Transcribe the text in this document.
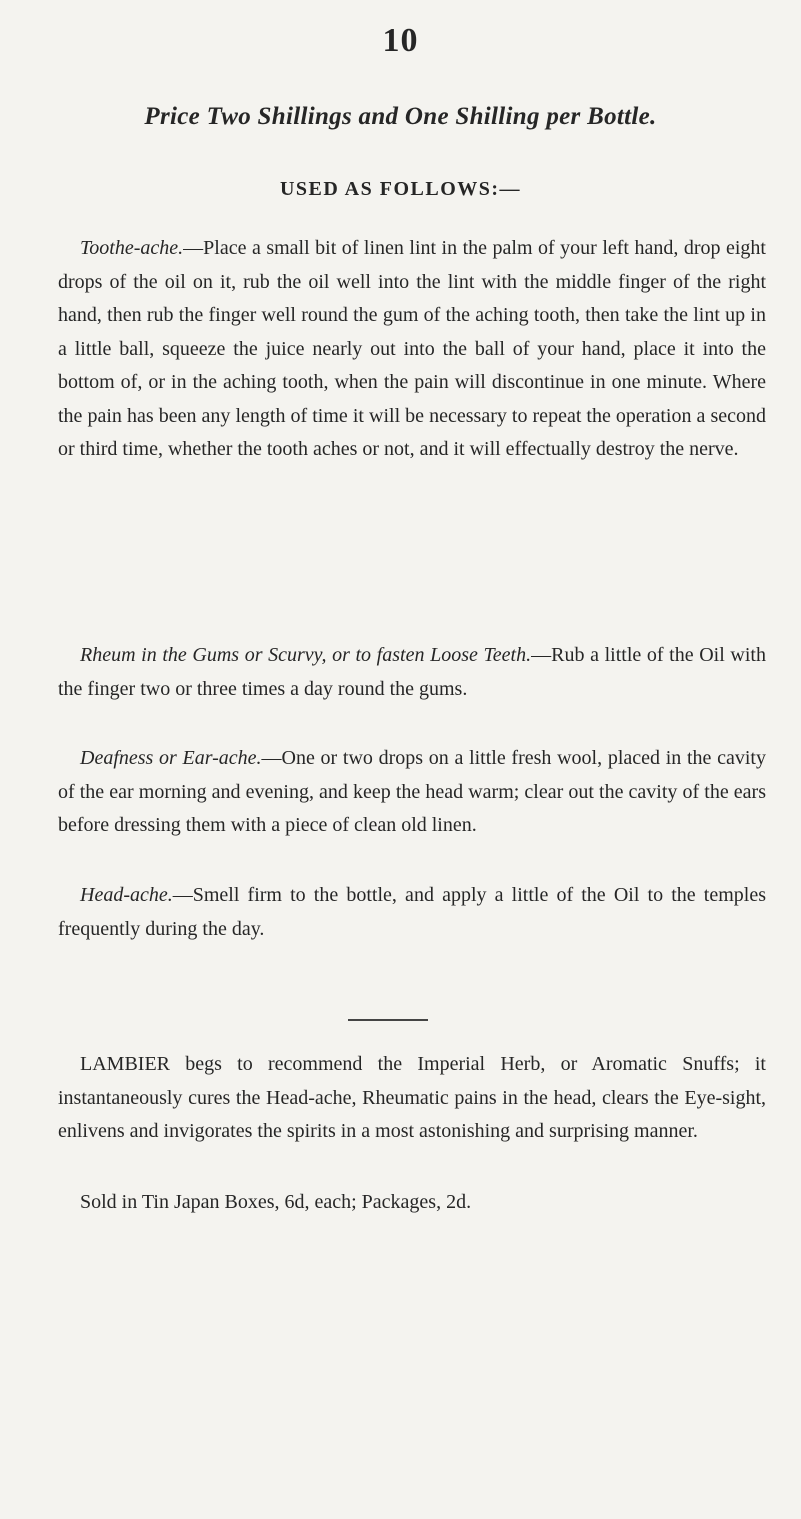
10
Price Two Shillings and One Shilling per Bottle.
USED AS FOLLOWS:—

Toothe-ache.—Place a small bit of linen lint in the palm of your left hand, drop eight drops of the oil on it, rub the oil well into the lint with the middle finger of the right hand, then rub the finger well round the gum of the aching tooth, then take the lint up in a little ball, squeeze the juice nearly out into the ball of your hand, place it into the bottom of, or in the aching tooth, when the pain will discontinue in one minute. Where the pain has been any length of time it will be necessary to repeat the operation a second or third time, whether the tooth aches or not, and it will effectually destroy the nerve.

Rheum in the Gums or Scurvy, or to fasten Loose Teeth.—Rub a little of the Oil with the finger two or three times a day round the gums.

Deafness or Ear-ache.—One or two drops on a little fresh wool, placed in the cavity of the ear morning and evening, and keep the head warm; clear out the cavity of the ears before dressing them with a piece of clean old linen.

Head-ache.—Smell firm to the bottle, and apply a little of the Oil to the temples frequently during the day.

LAMBIER begs to recommend the Imperial Herb, or Aromatic Snuffs; it instantaneously cures the Head-ache, Rheumatic pains in the head, clears the Eye-sight, enlivens and invigorates the spirits in a most astonishing and surprising manner.

Sold in Tin Japan Boxes, 6d, each; Packages, 2d.
